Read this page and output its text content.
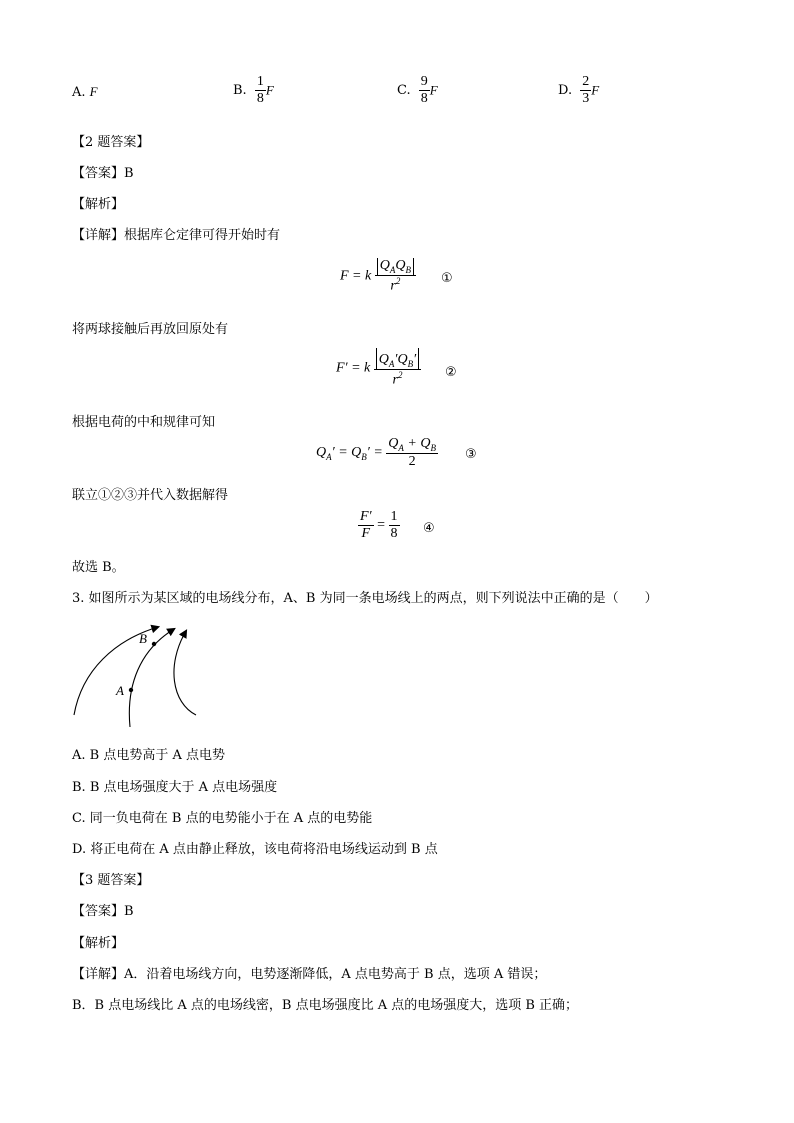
A. F	B. $\frac{1}{8}$ F	C. $\frac{9}{8}$ F	D. $\frac{2}{3}$ F
【2 题答案】
【答案】B
【解析】
【详解】根据库仑定律可得开始时有
F = k $\frac{Q_AQ_B}{r^2}$ ①
将两球接触后再放回原处有
F′ = k $\frac{Q_A'Q_B'}{r^2}$ ②
根据电荷的中和规律可知
$Q_A' = Q_B' = \frac{Q_A + Q_B}{2}$ ③
联立①②③并代入数据解得
$\frac{F'}{F} = \frac{1}{8}$ ④
故选 B。
3. 如图所示为某区域的电场线分布，A、B 为同一条电场线上的两点，则下列说法中正确的是（　　）
B
A
A. B 点电势高于 A 点电势
B. B 点电场强度大于 A 点电场强度
C. 同一负电荷在 B 点的电势能小于在 A 点的电势能
D. 将正电荷在 A 点由静止释放，该电荷将沿电场线运动到 B 点
【3 题答案】
【答案】B
【解析】
【详解】A．沿着电场线方向，电势逐渐降低，A 点电势高于 B 点，选项 A 错误；
B．B 点电场线比 A 点的电场线密，B 点电场强度比 A 点的电场强度大，选项 B 正确；
